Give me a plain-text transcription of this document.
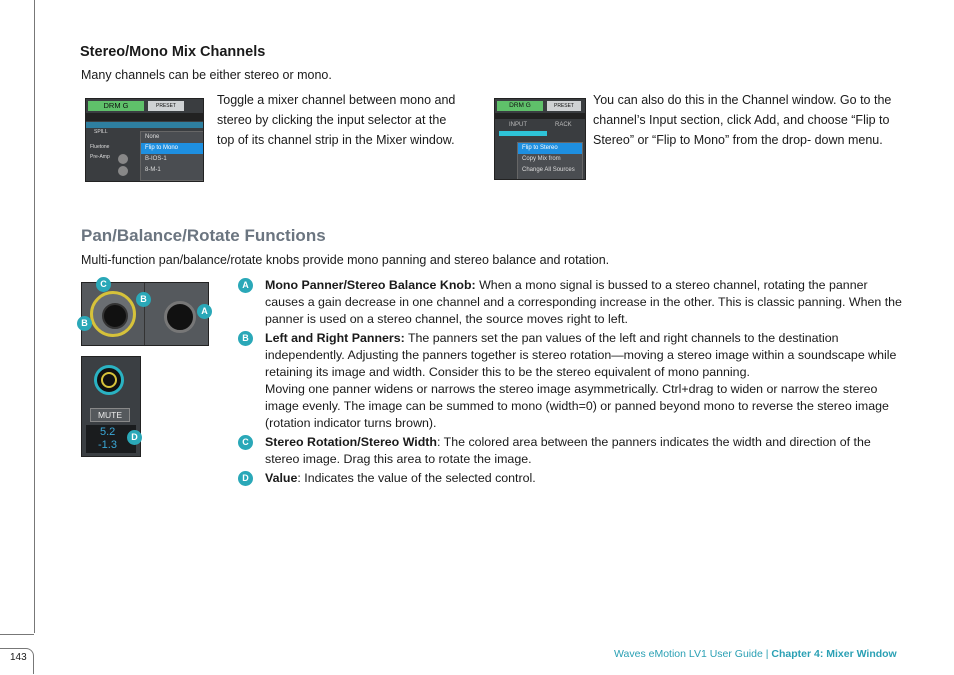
143
Stereo/Mono Mix Channels
Many channels can be either stereo or mono.
DRM G	PRESET
SPILL
Fluetone
Pre-Amp
None
Flip to Mono
B-IOS-1
8-M-1
Toggle a mixer channel between mono and stereo by clicking the input selector at the top of its channel strip in the Mixer window.
DRM G	PRESET
INPUT	RACK
Flip to Stereo
Copy Mix from
Change All Sources
You can also do this in the Channel window. Go to the channel’s Input section, click Add, and choose “Flip to Stereo” or “Flip to Mono” from the drop- down menu.
Pan/Balance/Rotate Functions
Multi-function pan/balance/rotate knobs provide mono panning and stereo balance and rotation.
C
B
B
A
MUTE
5.2
-1.3
D
A	Mono Panner/Stereo Balance Knob: When a mono signal is bussed to a stereo channel, rotating the panner causes a gain decrease in one channel and a corresponding increase in the other. This is classic panning. When the panner is used on a stereo channel, the source moves right to left.
B	Left and Right Panners: The panners set the pan values of the left and right channels to the destination independently. Adjusting the panners together is stereo rotation—moving a stereo image within a soundscape while retaining its image and width. Consider this to be the stereo equivalent of mono panning.
Moving one panner widens or narrows the stereo image asymmetrically. Ctrl+drag to widen or narrow the stereo image evenly. The image can be summed to mono (width=0) or panned beyond mono to reverse the stereo image (rotation indicator turns brown).
C	Stereo Rotation/Stereo Width: The colored area between the panners indicates the width and direction of the stereo image. Drag this area to rotate the image.
D	Value: Indicates the value of the selected control.
Waves eMotion LV1 User Guide | Chapter 4: Mixer Window
